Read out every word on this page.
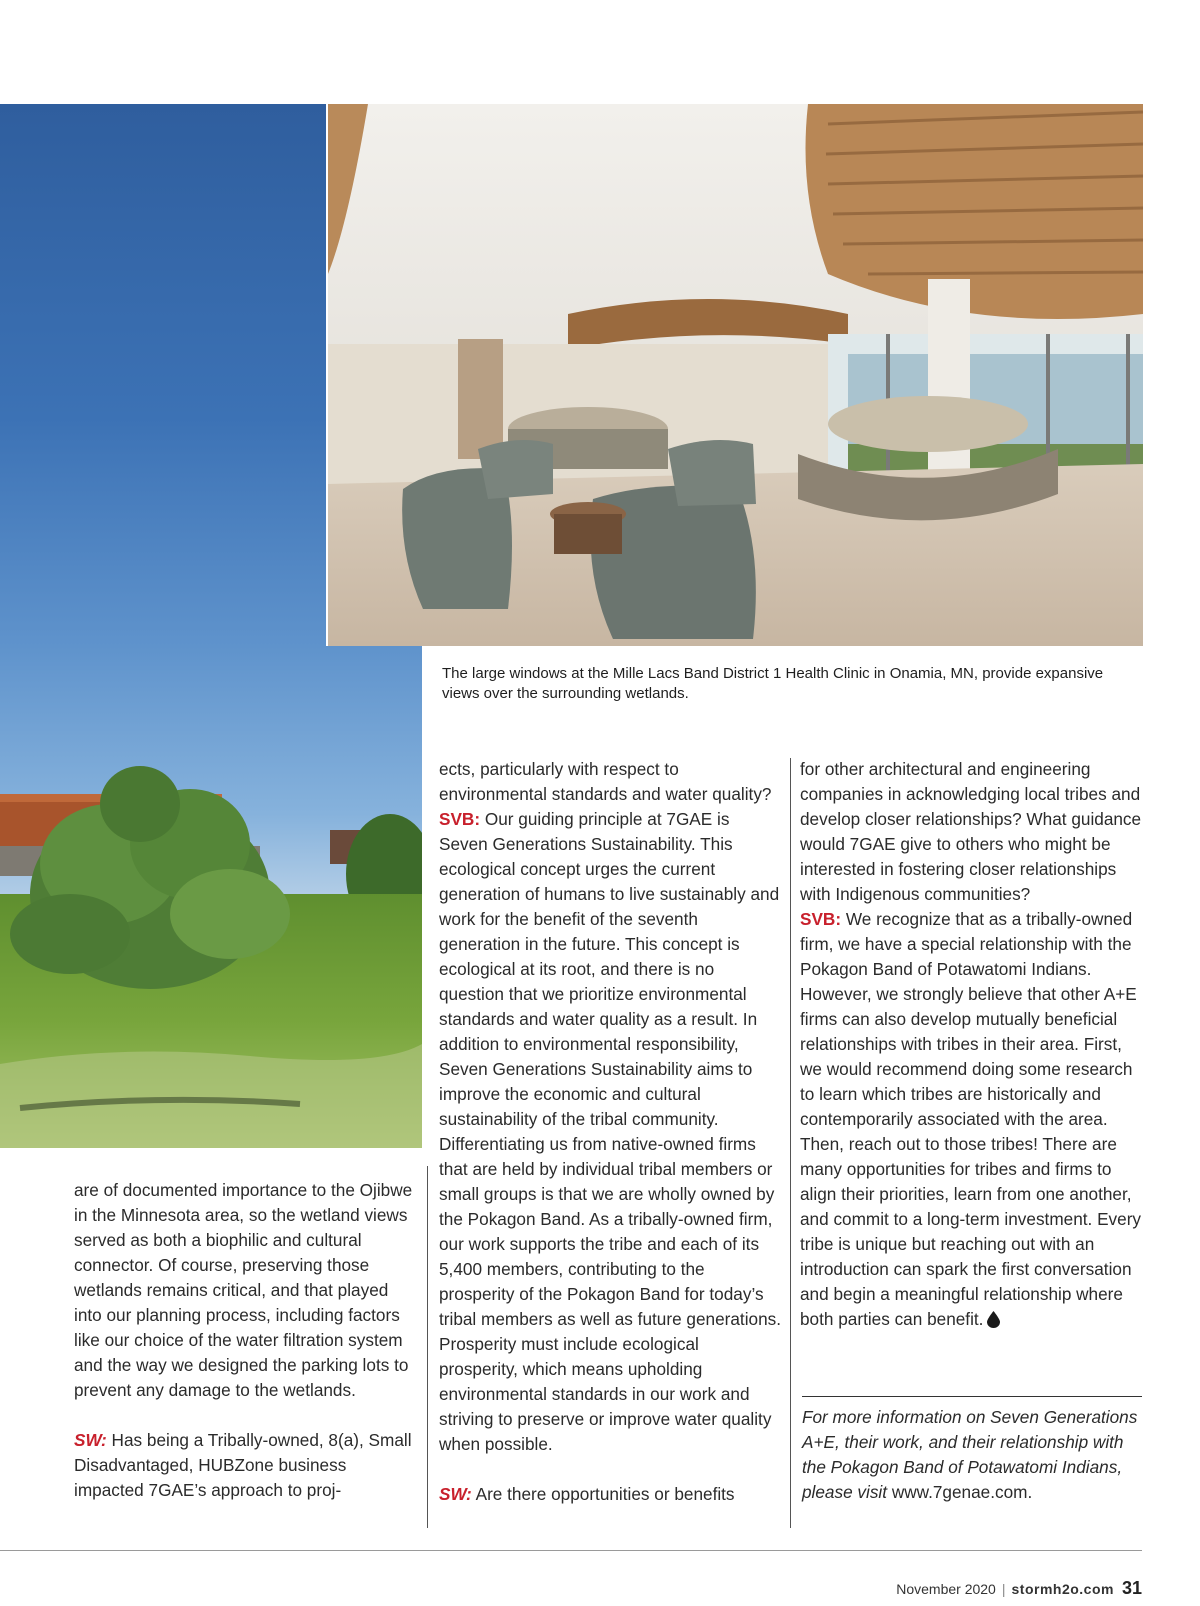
The large windows at the Mille Lacs Band District 1 Health Clinic in Onamia, MN, provide expansive views over the surrounding wetlands.

are of documented importance to the Ojibwe in the Minnesota area, so the wetland views served as both a biophilic and cultural connector. Of course, preserving those wetlands remains critical, and that played into our planning process, including factors like our choice of the water filtration system and the way we designed the parking lots to prevent any damage to the wetlands.

SW: Has being a Tribally-owned, 8(a), Small Disadvantaged, HUBZone business impacted 7GAE’s approach to proj-

ects, particularly with respect to environmental standards and water quality?

SVB: Our guiding principle at 7GAE is Seven Generations Sustainability. This ecological concept urges the current generation of humans to live sustainably and work for the benefit of the seventh generation in the future. This concept is ecological at its root, and there is no question that we prioritize environmental standards and water quality as a result. In addition to environmental responsibility, Seven Generations Sustainability aims to improve the economic and cultural sustainability of the tribal community. Differentiating us from native-owned firms that are held by individual tribal members or small groups is that we are wholly owned by the Pokagon Band. As a tribally-owned firm, our work supports the tribe and each of its 5,400 members, contributing to the prosperity of the Pokagon Band for today’s tribal members as well as future generations. Prosperity must include ecological prosperity, which means upholding environmental standards in our work and striving to preserve or improve water quality when possible.

SW: Are there opportunities or benefits

for other architectural and engineering companies in acknowledging local tribes and develop closer relationships? What guidance would 7GAE give to others who might be interested in fostering closer relationships with Indigenous communities?

SVB: We recognize that as a tribally-owned firm, we have a special relationship with the Pokagon Band of Potawatomi Indians. However, we strongly believe that other A+E firms can also develop mutually beneficial relationships with tribes in their area. First, we would recommend doing some research to learn which tribes are historically and contemporarily associated with the area. Then, reach out to those tribes! There are many opportunities for tribes and firms to align their priorities, learn from one another, and commit to a long-term investment. Every tribe is unique but reaching out with an introduction can spark the first conversation and begin a meaningful relationship where both parties can benefit.

For more information on Seven Generations A+E, their work, and their relationship with the Pokagon Band of Potawatomi Indians, please visit www.7genae.com.
November 2020 | stormh2o.com 31
